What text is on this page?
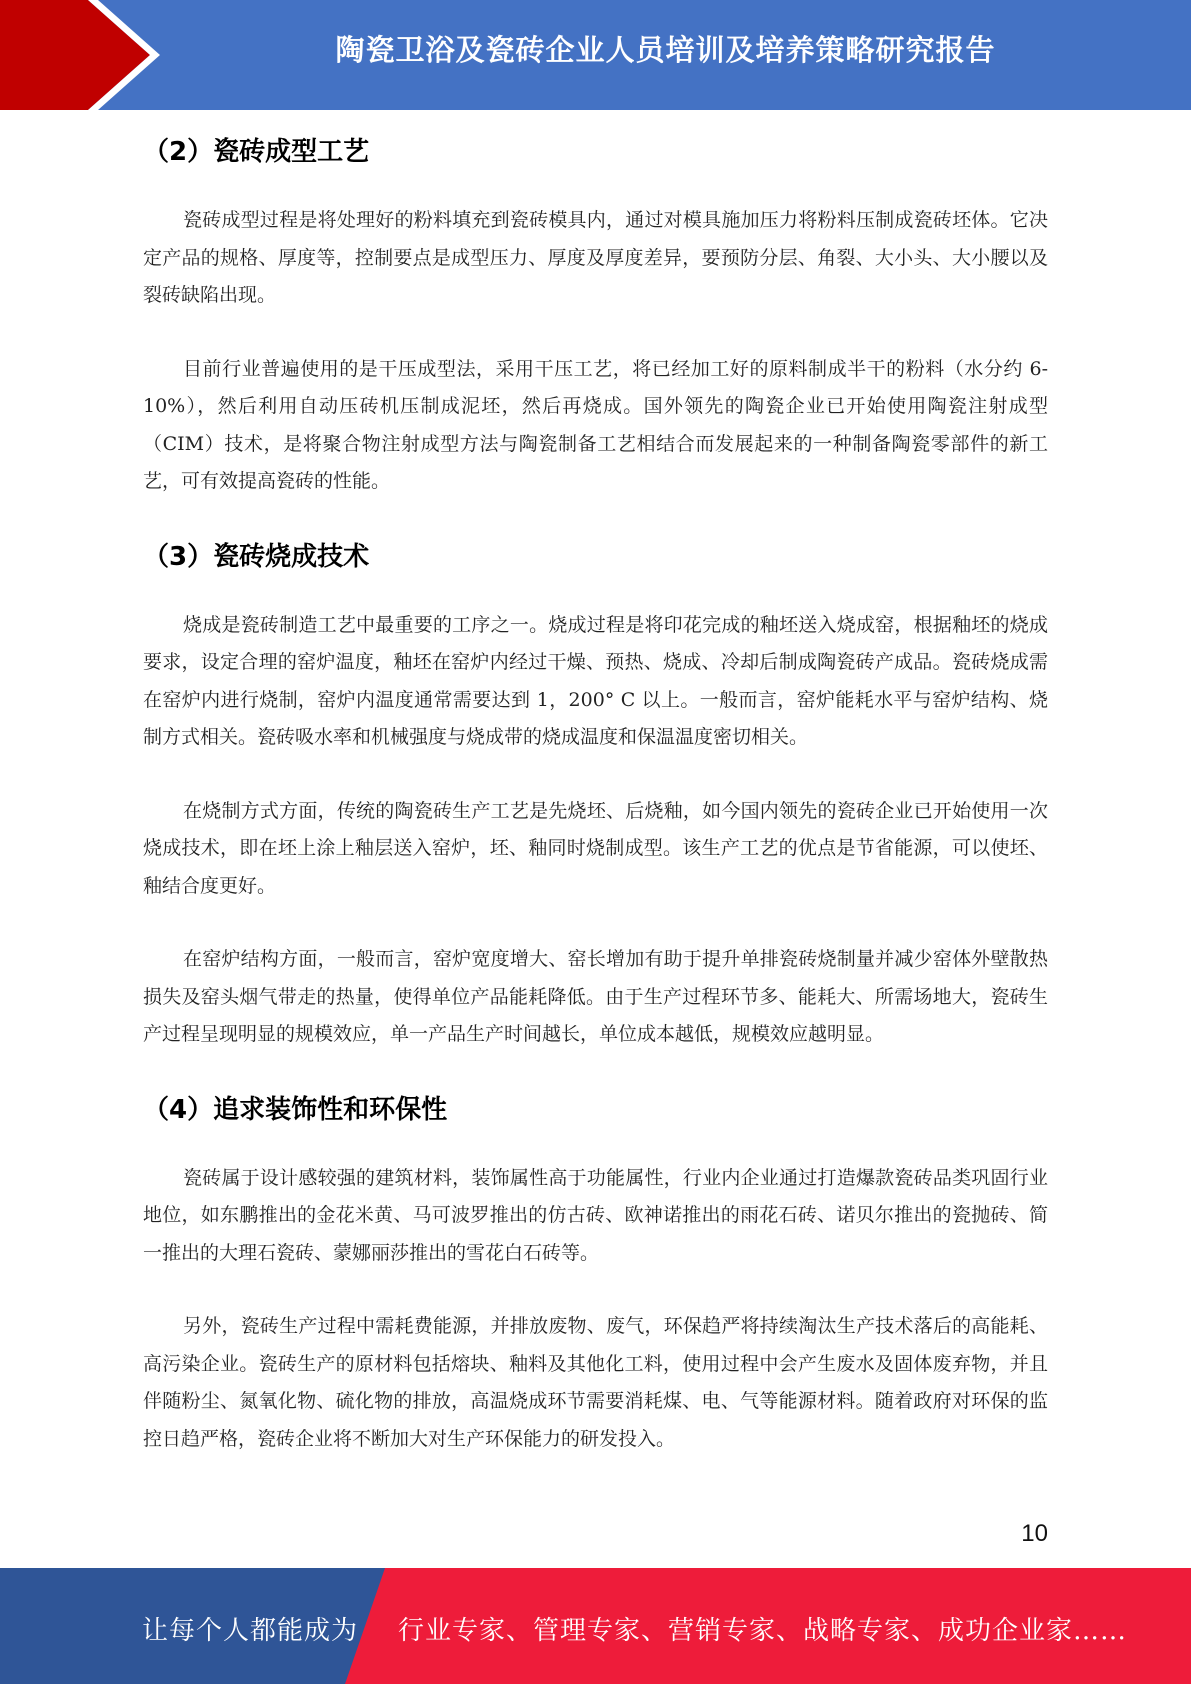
陶瓷卫浴及瓷砖企业人员培训及培养策略研究报告
（2）瓷砖成型工艺

瓷砖成型过程是将处理好的粉料填充到瓷砖模具内，通过对模具施加压力将粉料压制成瓷砖坯体。它决定产品的规格、厚度等，控制要点是成型压力、厚度及厚度差异，要预防分层、角裂、大小头、大小腰以及裂砖缺陷出现。

目前行业普遍使用的是干压成型法，采用干压工艺，将已经加工好的原料制成半干的粉料（水分约 6-10%），然后利用自动压砖机压制成泥坯，然后再烧成。国外领先的陶瓷企业已开始使用陶瓷注射成型（CIM）技术，是将聚合物注射成型方法与陶瓷制备工艺相结合而发展起来的一种制备陶瓷零部件的新工艺，可有效提高瓷砖的性能。

（3）瓷砖烧成技术

烧成是瓷砖制造工艺中最重要的工序之一。烧成过程是将印花完成的釉坯送入烧成窑，根据釉坯的烧成要求，设定合理的窑炉温度，釉坯在窑炉内经过干燥、预热、烧成、冷却后制成陶瓷砖产成品。瓷砖烧成需在窑炉内进行烧制，窑炉内温度通常需要达到 1，200° C 以上。一般而言，窑炉能耗水平与窑炉结构、烧制方式相关。瓷砖吸水率和机械强度与烧成带的烧成温度和保温温度密切相关。

在烧制方式方面，传统的陶瓷砖生产工艺是先烧坯、后烧釉，如今国内领先的瓷砖企业已开始使用一次烧成技术，即在坯上涂上釉层送入窑炉，坯、釉同时烧制成型。该生产工艺的优点是节省能源，可以使坯、釉结合度更好。

在窑炉结构方面，一般而言，窑炉宽度增大、窑长增加有助于提升单排瓷砖烧制量并减少窑体外壁散热损失及窑头烟气带走的热量，使得单位产品能耗降低。由于生产过程环节多、能耗大、所需场地大，瓷砖生产过程呈现明显的规模效应，单一产品生产时间越长，单位成本越低，规模效应越明显。

（4）追求装饰性和环保性

瓷砖属于设计感较强的建筑材料，装饰属性高于功能属性，行业内企业通过打造爆款瓷砖品类巩固行业地位，如东鹏推出的金花米黄、马可波罗推出的仿古砖、欧神诺推出的雨花石砖、诺贝尔推出的瓷抛砖、简一推出的大理石瓷砖、蒙娜丽莎推出的雪花白石砖等。

另外，瓷砖生产过程中需耗费能源，并排放废物、废气，环保趋严将持续淘汰生产技术落后的高能耗、高污染企业。瓷砖生产的原材料包括熔块、釉料及其他化工料，使用过程中会产生废水及固体废弃物，并且伴随粉尘、氮氧化物、硫化物的排放，高温烧成环节需要消耗煤、电、气等能源材料。随着政府对环保的监控日趋严格，瓷砖企业将不断加大对生产环保能力的研发投入。

10
让每个人都能成为 行业专家、管理专家、营销专家、战略专家、成功企业家……
